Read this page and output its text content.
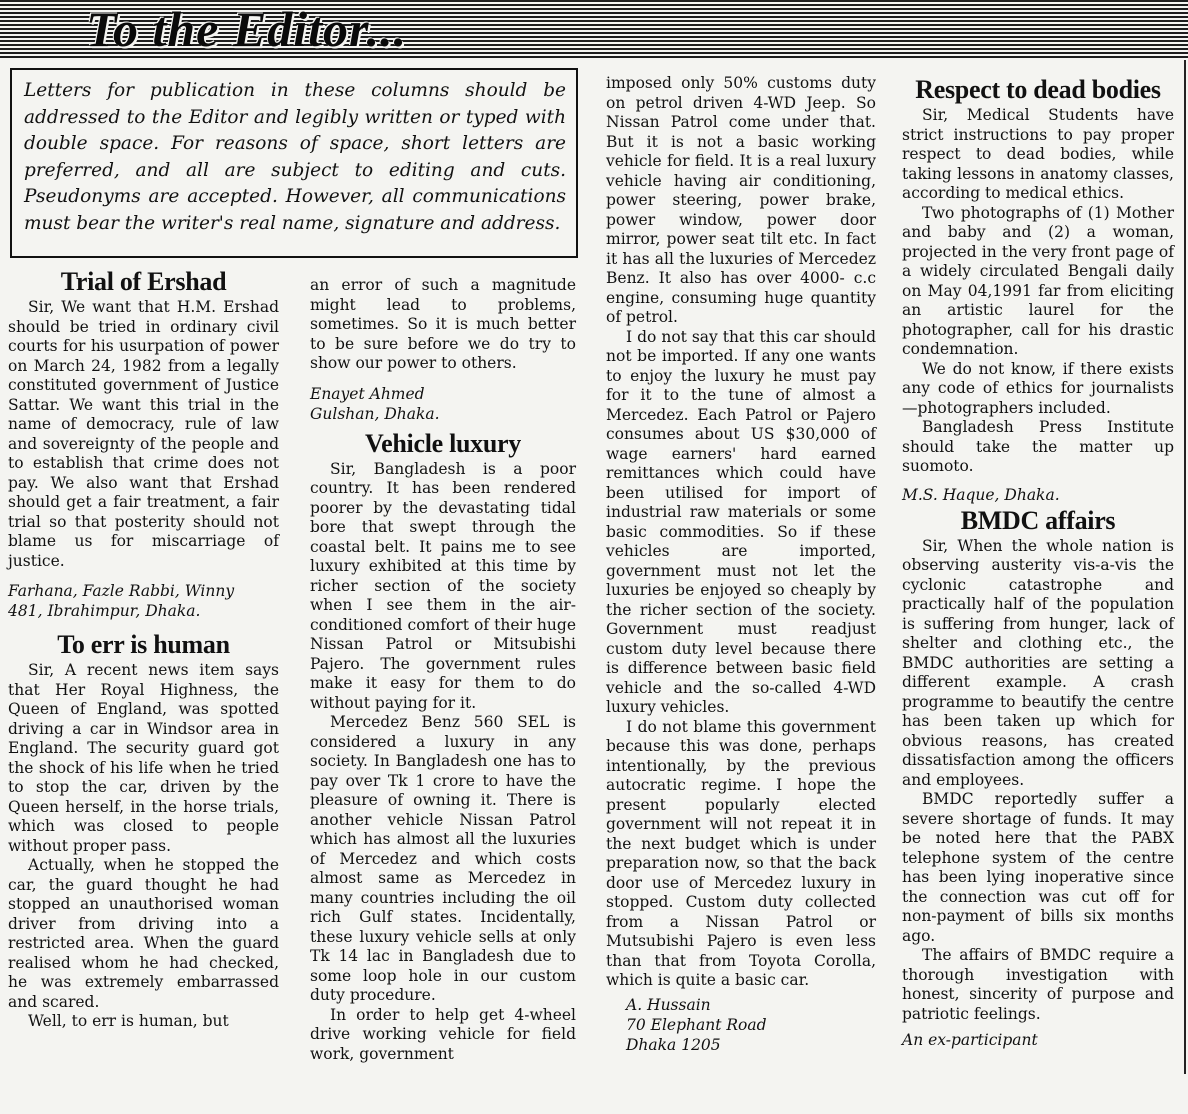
To the Editor...
Letters for publication in these columns should be addressed to the Editor and legibly written or typed with double space. For reasons of space, short letters are preferred, and all are subject to editing and cuts. Pseudonyms are accepted. However, all communications must bear the writer's real name, signature and address.
Trial of Ershad

Sir, We want that H.M. Ershad should be tried in ordinary civil courts for his usurpation of power on March 24, 1982 from a legally constituted government of Justice Sattar. We want this trial in the name of democracy, rule of law and sovereignty of the people and to establish that crime does not pay. We also want that Ershad should get a fair treatment, a fair trial so that posterity should not blame us for miscarriage of justice.

Farhana, Fazle Rabbi, Winny

481, Ibrahimpur, Dhaka.

To err is human

Sir, A recent news item says that Her Royal Highness, the Queen of England, was spotted driving a car in Windsor area in England. The security guard got the shock of his life when he tried to stop the car, driven by the Queen herself, in the horse trials, which was closed to people without proper pass.

Actually, when he stopped the car, the guard thought he had stopped an unauthorised woman driver from driving into a restricted area. When the guard realised whom he had checked, he was extremely embarrassed and scared.

Well, to err is human, but

an error of such a magnitude might lead to problems, sometimes. So it is much better to be sure before we do try to show our power to others.

Enayet Ahmed

Gulshan, Dhaka.

Vehicle luxury

Sir, Bangladesh is a poor country. It has been rendered poorer by the devastating tidal bore that swept through the coastal belt. It pains me to see luxury exhibited at this time by richer section of the society when I see them in the air-conditioned comfort of their huge Nissan Patrol or Mitsubishi Pajero. The government rules make it easy for them to do without paying for it.

Mercedez Benz 560 SEL is considered a luxury in any society. In Bangladesh one has to pay over Tk 1 crore to have the pleasure of owning it. There is another vehicle Nissan Patrol which has almost all the luxuries of Mercedez and which costs almost same as Mercedez in many countries including the oil rich Gulf states. Incidentally, these luxury vehicle sells at only Tk 14 lac in Bangladesh due to some loop hole in our custom duty procedure.

In order to help get 4-wheel drive working vehicle for field work, government

imposed only 50% customs duty on petrol driven 4-WD Jeep. So Nissan Patrol come under that. But it is not a basic working vehicle for field. It is a real luxury vehicle having air conditioning, power steering, power brake, power window, power door mirror, power seat tilt etc. In fact it has all the luxuries of Mercedez Benz. It also has over 4000- c.c engine, consuming huge quantity of petrol.

I do not say that this car should not be imported. If any one wants to enjoy the luxury he must pay for it to the tune of almost a Mercedez. Each Patrol or Pajero consumes about US $30,000 of wage earners' hard earned remittances which could have been utilised for import of industrial raw materials or some basic commodities. So if these vehicles are imported, government must not let the luxuries be enjoyed so cheaply by the richer section of the society. Government must readjust custom duty level because there is difference between basic field vehicle and the so-called 4-WD luxury vehicles.

I do not blame this government because this was done, perhaps intentionally, by the previous autocratic regime. I hope the present popularly elected government will not repeat it in the next budget which is under preparation now, so that the back door use of Mercedez luxury in stopped. Custom duty collected from a Nissan Patrol or Mutsubishi Pajero is even less than that from Toyota Corolla, which is quite a basic car.

A. Hussain

70 Elephant Road

Dhaka 1205

Respect to dead bodies

Sir, Medical Students have strict instructions to pay proper respect to dead bodies, while taking lessons in anatomy classes, according to medical ethics.

Two photographs of (1) Mother and baby and (2) a woman, projected in the very front page of a widely circulated Bengali daily on May 04,1991 far from eliciting an artistic laurel for the photographer, call for his drastic condemnation.

We do not know, if there exists any code of ethics for journalists—photographers included.

Bangladesh Press Institute should take the matter up suomoto.

M.S. Haque, Dhaka.

BMDC affairs

Sir, When the whole nation is observing austerity vis-a-vis the cyclonic catastrophe and practically half of the population is suffering from hunger, lack of shelter and clothing etc., the BMDC authorities are setting a different example. A crash programme to beautify the centre has been taken up which for obvious reasons, has created dissatisfaction among the officers and employees.

BMDC reportedly suffer a severe shortage of funds. It may be noted here that the PABX telephone system of the centre has been lying inoperative since the connection was cut off for non-payment of bills six months ago.

The affairs of BMDC require a thorough investigation with honest, sincerity of purpose and patriotic feelings.

An ex-participant
